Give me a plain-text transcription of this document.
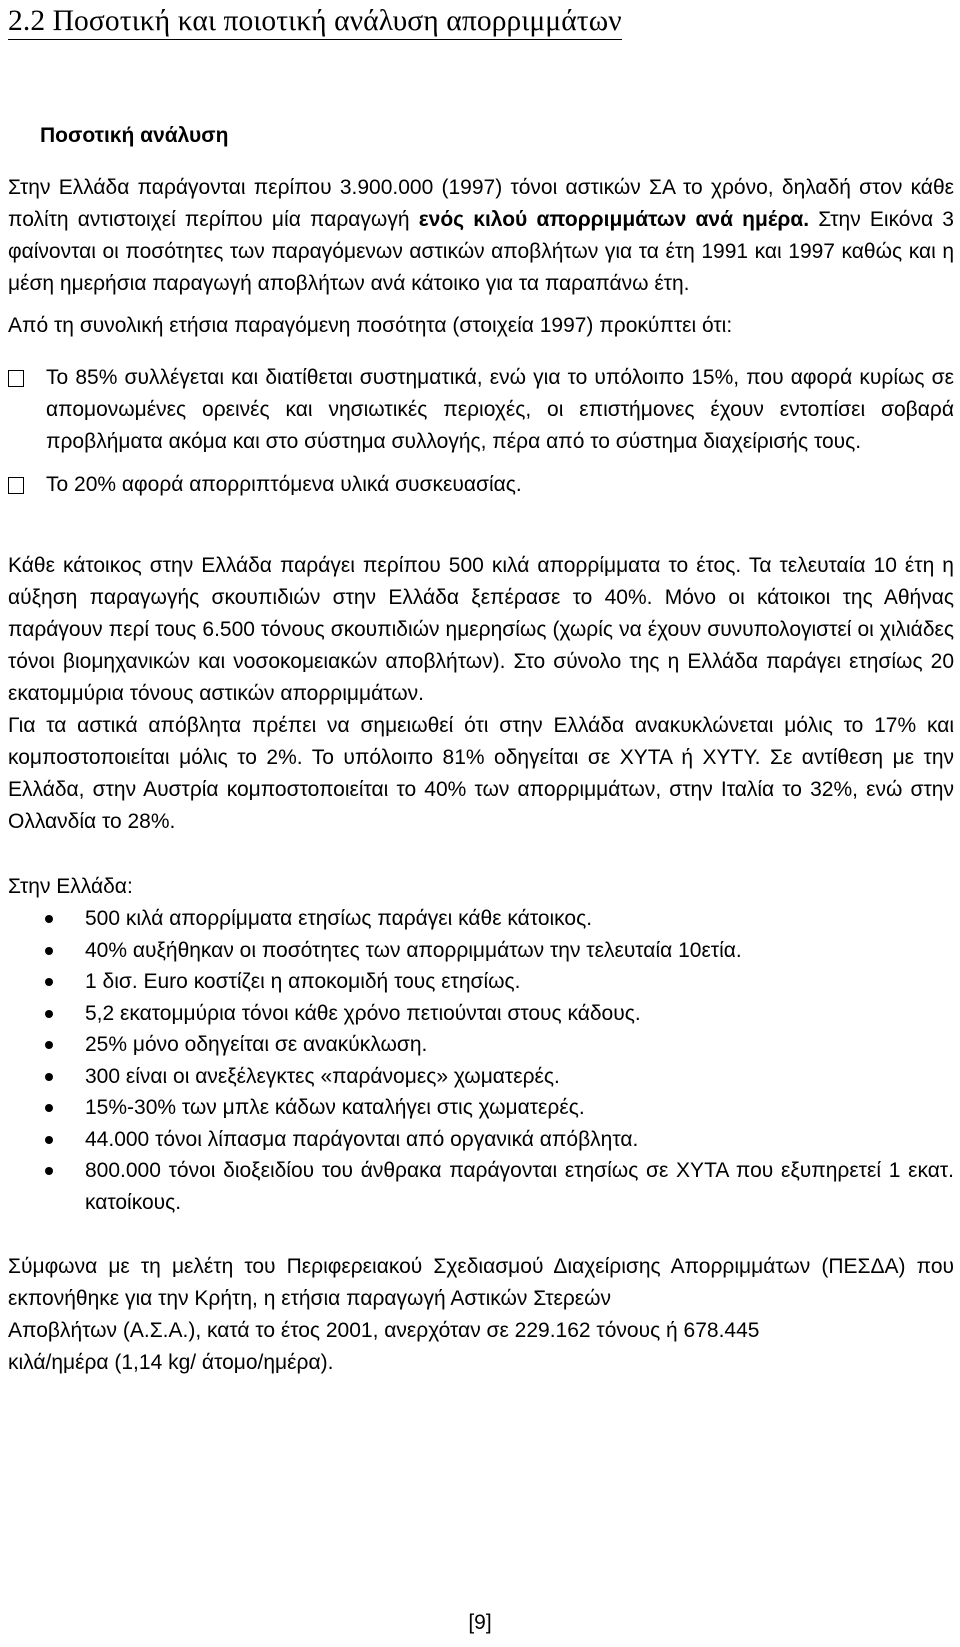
2.2 Ποσοτική και ποιοτική ανάλυση απορριμμάτων
Ποσοτική ανάλυση

Στην Ελλάδα παράγονται περίπου 3.900.000 (1997) τόνοι αστικών ΣΑ το χρόνο, δηλαδή στον κάθε πολίτη αντιστοιχεί περίπου μία παραγωγή ενός κιλού απορριμμάτων ανά ημέρα. Στην Εικόνα 3 φαίνονται οι ποσότητες των παραγόμενων αστικών αποβλήτων για τα έτη 1991 και 1997 καθώς και η μέση ημερήσια παραγωγή αποβλήτων ανά κάτοικο για τα παραπάνω έτη.

Από τη συνολική ετήσια παραγόμενη ποσότητα (στοιχεία 1997) προκύπτει ότι:

Το 85% συλλέγεται και διατίθεται συστηματικά, ενώ για το υπόλοιπο 15%, που αφορά κυρίως σε απομονωμένες ορεινές και νησιωτικές περιοχές, οι επιστήμονες έχουν εντοπίσει σοβαρά προβλήματα ακόμα και στο σύστημα συλλογής, πέρα από το σύστημα διαχείρισής τους.
Το 20% αφορά απορριπτόμενα υλικά συσκευασίας.

Κάθε κάτοικος στην Ελλάδα παράγει περίπου 500 κιλά απορρίμματα το έτος. Τα τελευταία 10 έτη η αύξηση παραγωγής σκουπιδιών στην Ελλάδα ξεπέρασε το 40%. Μόνο οι κάτοικοι της Αθήνας παράγουν περί τους 6.500 τόνους σκουπιδιών ημερησίως (χωρίς να έχουν συνυπολογιστεί οι χιλιάδες τόνοι βιομηχανικών και νοσοκομειακών αποβλήτων). Στο σύνολο της η Ελλάδα παράγει ετησίως 20 εκατομμύρια τόνους αστικών απορριμμάτων.

Για τα αστικά απόβλητα πρέπει να σημειωθεί ότι στην Ελλάδα ανακυκλώνεται μόλις το 17% και κομποστοποιείται μόλις το 2%. Το υπόλοιπο 81% οδηγείται σε ΧΥΤΑ ή ΧΥΤΥ. Σε αντίθεση με την Ελλάδα, στην Αυστρία κομποστοποιείται το 40% των απορριμμάτων, στην Ιταλία το 32%, ενώ στην Ολλανδία το 28%.

Στην Ελλάδα:

500 κιλά απορρίμματα ετησίως παράγει κάθε κάτοικος.
40% αυξήθηκαν οι ποσότητες των απορριμμάτων την τελευταία 10ετία.
1 δισ. Euro κοστίζει η αποκομιδή τους ετησίως.
5,2 εκατομμύρια τόνοι κάθε χρόνο πετιούνται στους κάδους.
25% μόνο οδηγείται σε ανακύκλωση.
300 είναι οι ανεξέλεγκτες «παράνομες» χωματερές.
15%-30% των μπλε κάδων καταλήγει στις χωματερές.
44.000 τόνοι λίπασμα παράγονται από οργανικά απόβλητα.
800.000 τόνοι διοξειδίου του άνθρακα παράγονται ετησίως σε ΧΥΤΑ που εξυπηρετεί 1 εκατ. κατοίκους.

Σύμφωνα με τη μελέτη του Περιφερειακού Σχεδιασμού Διαχείρισης Απορριμμάτων (ΠΕΣΔΑ) που εκπονήθηκε για την Κρήτη, η ετήσια παραγωγή Αστικών Στερεών

Αποβλήτων (Α.Σ.Α.), κατά το έτος 2001, ανερχόταν σε 229.162 τόνους ή 678.445

κιλά/ημέρα (1,14 kg/ άτομο/ημέρα).

[9]
